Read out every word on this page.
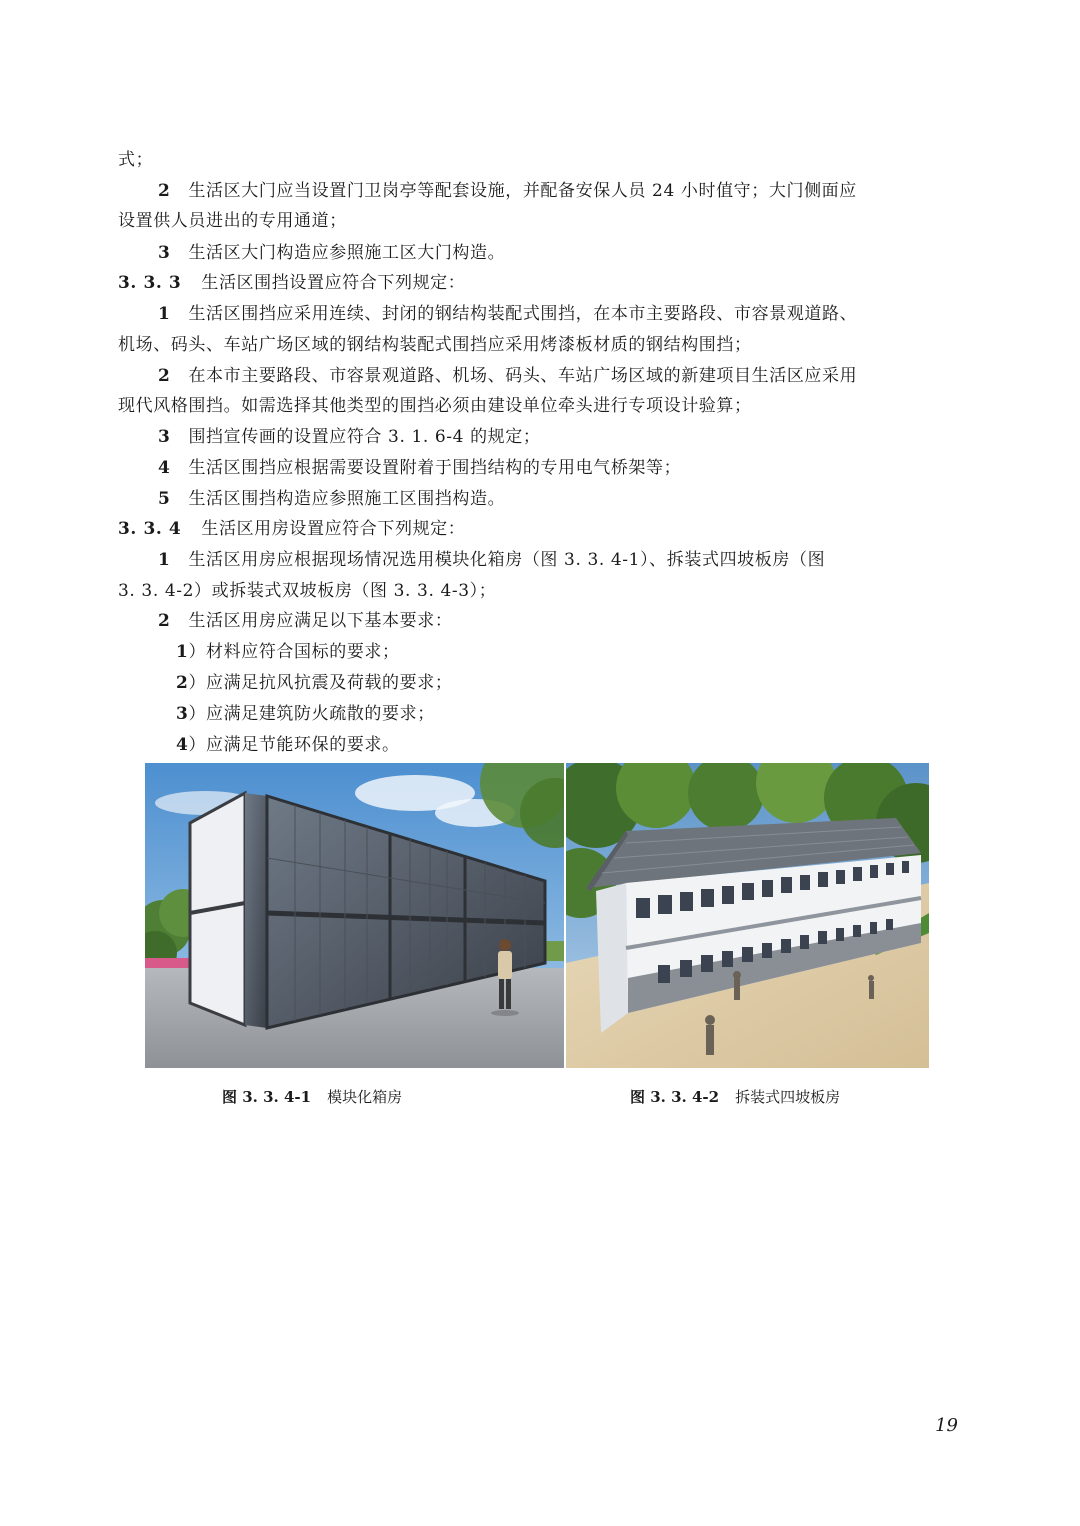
式；
2 生活区大门应当设置门卫岗亭等配套设施，并配备安保人员 24 小时值守；大门侧面应
设置供人员进出的专用通道；
3 生活区大门构造应参照施工区大门构造。
3. 3. 3 生活区围挡设置应符合下列规定：
1 生活区围挡应采用连续、封闭的钢结构装配式围挡，在本市主要路段、市容景观道路、
机场、码头、车站广场区域的钢结构装配式围挡应采用烤漆板材质的钢结构围挡；
2 在本市主要路段、市容景观道路、机场、码头、车站广场区域的新建项目生活区应采用
现代风格围挡。如需选择其他类型的围挡必须由建设单位牵头进行专项设计验算；
3 围挡宣传画的设置应符合 3. 1. 6-4 的规定；
4 生活区围挡应根据需要设置附着于围挡结构的专用电气桥架等；
5 生活区围挡构造应参照施工区围挡构造。
3. 3. 4 生活区用房设置应符合下列规定：
1 生活区用房应根据现场情况选用模块化箱房（图 3. 3. 4-1）、拆装式四坡板房（图
3. 3. 4-2）或拆装式双坡板房（图 3. 3. 4-3）；
2 生活区用房应满足以下基本要求：
1）材料应符合国标的要求；
2）应满足抗风抗震及荷载的要求；
3）应满足建筑防火疏散的要求；
4）应满足节能环保的要求。
图 3. 3. 4-1 模块化箱房	图 3. 3. 4-2 拆装式四坡板房
19
